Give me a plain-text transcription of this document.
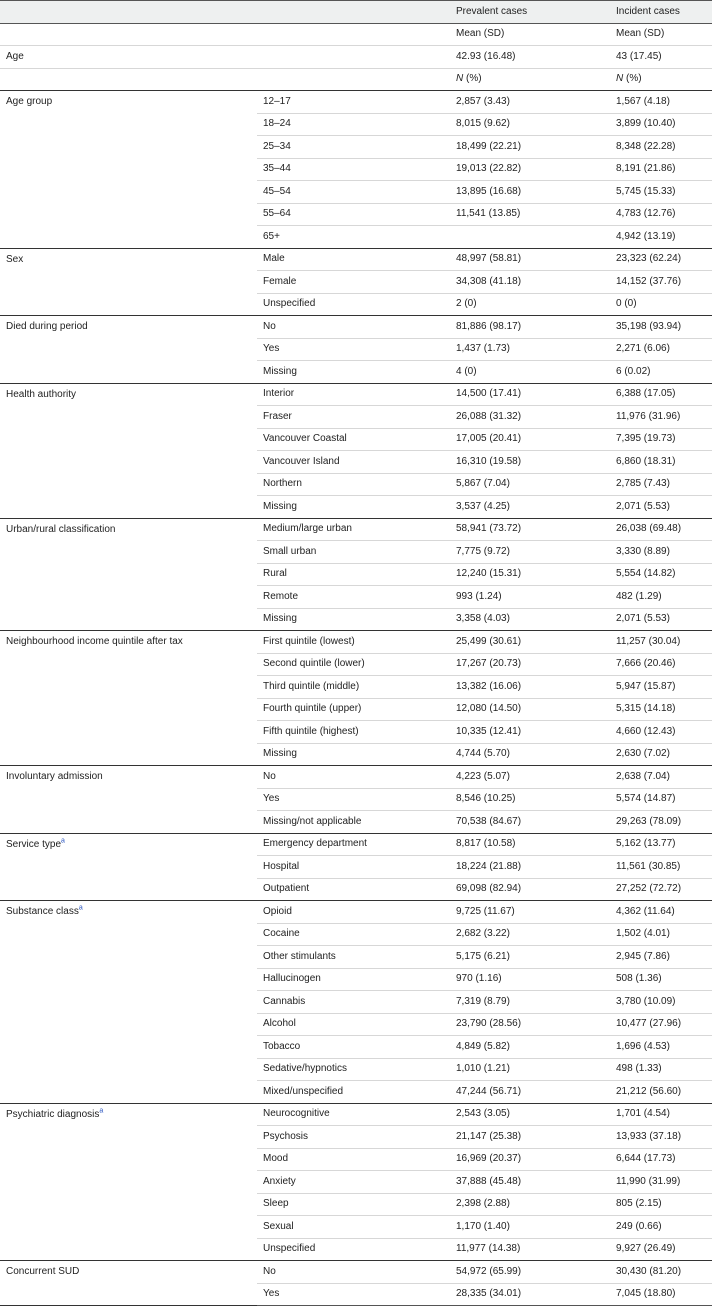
		Prevalent cases	Incident cases
		Mean (SD)	Mean (SD)
Age		42.93 (16.48)	43 (17.45)
		N (%)	N (%)
Age group	12–17	2,857 (3.43)	1,567 (4.18)
	18–24	8,015 (9.62)	3,899 (10.40)
	25–34	18,499 (22.21)	8,348 (22.28)
	35–44	19,013 (22.82)	8,191 (21.86)
	45–54	13,895 (16.68)	5,745 (15.33)
	55–64	11,541 (13.85)	4,783 (12.76)
	65+		4,942 (13.19)
Sex	Male	48,997 (58.81)	23,323 (62.24)
	Female	34,308 (41.18)	14,152 (37.76)
	Unspecified	2 (0)	0 (0)
Died during period	No	81,886 (98.17)	35,198 (93.94)
	Yes	1,437 (1.73)	2,271 (6.06)
	Missing	4 (0)	6 (0.02)
Health authority	Interior	14,500 (17.41)	6,388 (17.05)
	Fraser	26,088 (31.32)	11,976 (31.96)
	Vancouver Coastal	17,005 (20.41)	7,395 (19.73)
	Vancouver Island	16,310 (19.58)	6,860 (18.31)
	Northern	5,867 (7.04)	2,785 (7.43)
	Missing	3,537 (4.25)	2,071 (5.53)
Urban/rural classification	Medium/large urban	58,941 (73.72)	26,038 (69.48)
	Small urban	7,775 (9.72)	3,330 (8.89)
	Rural	12,240 (15.31)	5,554 (14.82)
	Remote	993 (1.24)	482 (1.29)
	Missing	3,358 (4.03)	2,071 (5.53)
Neighbourhood income quintile after tax	First quintile (lowest)	25,499 (30.61)	11,257 (30.04)
	Second quintile (lower)	17,267 (20.73)	7,666 (20.46)
	Third quintile (middle)	13,382 (16.06)	5,947 (15.87)
	Fourth quintile (upper)	12,080 (14.50)	5,315 (14.18)
	Fifth quintile (highest)	10,335 (12.41)	4,660 (12.43)
	Missing	4,744 (5.70)	2,630 (7.02)
Involuntary admission	No	4,223 (5.07)	2,638 (7.04)
	Yes	8,546 (10.25)	5,574 (14.87)
	Missing/not applicable	70,538 (84.67)	29,263 (78.09)
Service type$^a$	Emergency department	8,817 (10.58)	5,162 (13.77)
	Hospital	18,224 (21.88)	11,561 (30.85)
	Outpatient	69,098 (82.94)	27,252 (72.72)
Substance class$^a$	Opioid	9,725 (11.67)	4,362 (11.64)
	Cocaine	2,682 (3.22)	1,502 (4.01)
	Other stimulants	5,175 (6.21)	2,945 (7.86)
	Hallucinogen	970 (1.16)	508 (1.36)
	Cannabis	7,319 (8.79)	3,780 (10.09)
	Alcohol	23,790 (28.56)	10,477 (27.96)
	Tobacco	4,849 (5.82)	1,696 (4.53)
	Sedative/hypnotics	1,010 (1.21)	498 (1.33)
	Mixed/unspecified	47,244 (56.71)	21,212 (56.60)
Psychiatric diagnosis$^a$	Neurocognitive	2,543 (3.05)	1,701 (4.54)
	Psychosis	21,147 (25.38)	13,933 (37.18)
	Mood	16,969 (20.37)	6,644 (17.73)
	Anxiety	37,888 (45.48)	11,990 (31.99)
	Sleep	2,398 (2.88)	805 (2.15)
	Sexual	1,170 (1.40)	249 (0.66)
	Unspecified	11,977 (14.38)	9,927 (26.49)
Concurrent SUD	No	54,972 (65.99)	30,430 (81.20)
	Yes	28,335 (34.01)	7,045 (18.80)
